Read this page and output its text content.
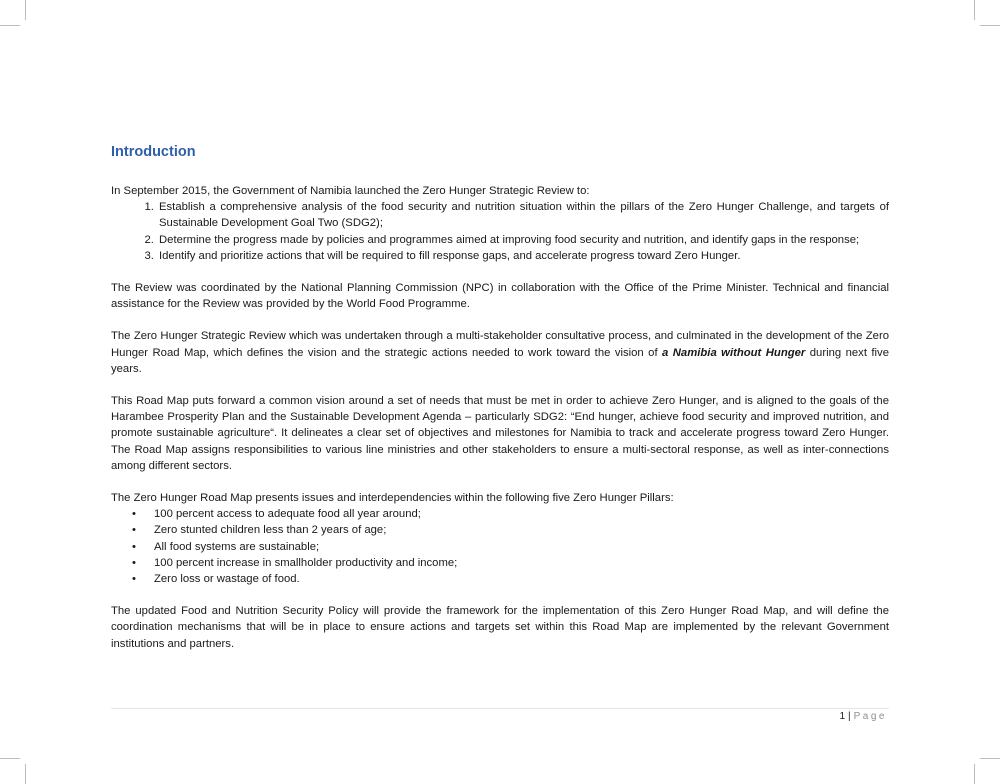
Introduction

In September 2015, the Government of Namibia launched the Zero Hunger Strategic Review to:

1. Establish a comprehensive analysis of the food security and nutrition situation within the pillars of the Zero Hunger Challenge, and targets of Sustainable Development Goal Two (SDG2);
2. Determine the progress made by policies and programmes aimed at improving food security and nutrition, and identify gaps in the response;
3. Identify and prioritize actions that will be required to fill response gaps, and accelerate progress toward Zero Hunger.

The Review was coordinated by the National Planning Commission (NPC) in collaboration with the Office of the Prime Minister. Technical and financial assistance for the Review was provided by the World Food Programme.

The Zero Hunger Strategic Review which was undertaken through a multi-stakeholder consultative process, and culminated in the development of the Zero Hunger Road Map, which defines the vision and the strategic actions needed to work toward the vision of a Namibia without Hunger during next five years.

This Road Map puts forward a common vision around a set of needs that must be met in order to achieve Zero Hunger, and is aligned to the goals of the Harambee Prosperity Plan and the Sustainable Development Agenda – particularly SDG2: “End hunger, achieve food security and improved nutrition, and promote sustainable agriculture“. It delineates a clear set of objectives and milestones for Namibia to track and accelerate progress toward Zero Hunger. The Road Map assigns responsibilities to various line ministries and other stakeholders to ensure a multi-sectoral response, as well as inter-connections among different sectors.

The Zero Hunger Road Map presents issues and interdependencies within the following five Zero Hunger Pillars:

• 100 percent access to adequate food all year around;
• Zero stunted children less than 2 years of age;
• All food systems are sustainable;
• 100 percent increase in smallholder productivity and income;
• Zero loss or wastage of food.

The updated Food and Nutrition Security Policy will provide the framework for the implementation of this Zero Hunger Road Map, and will define the coordination mechanisms that will be in place to ensure actions and targets set within this Road Map are implemented by the relevant Government institutions and partners.

1 | Page
